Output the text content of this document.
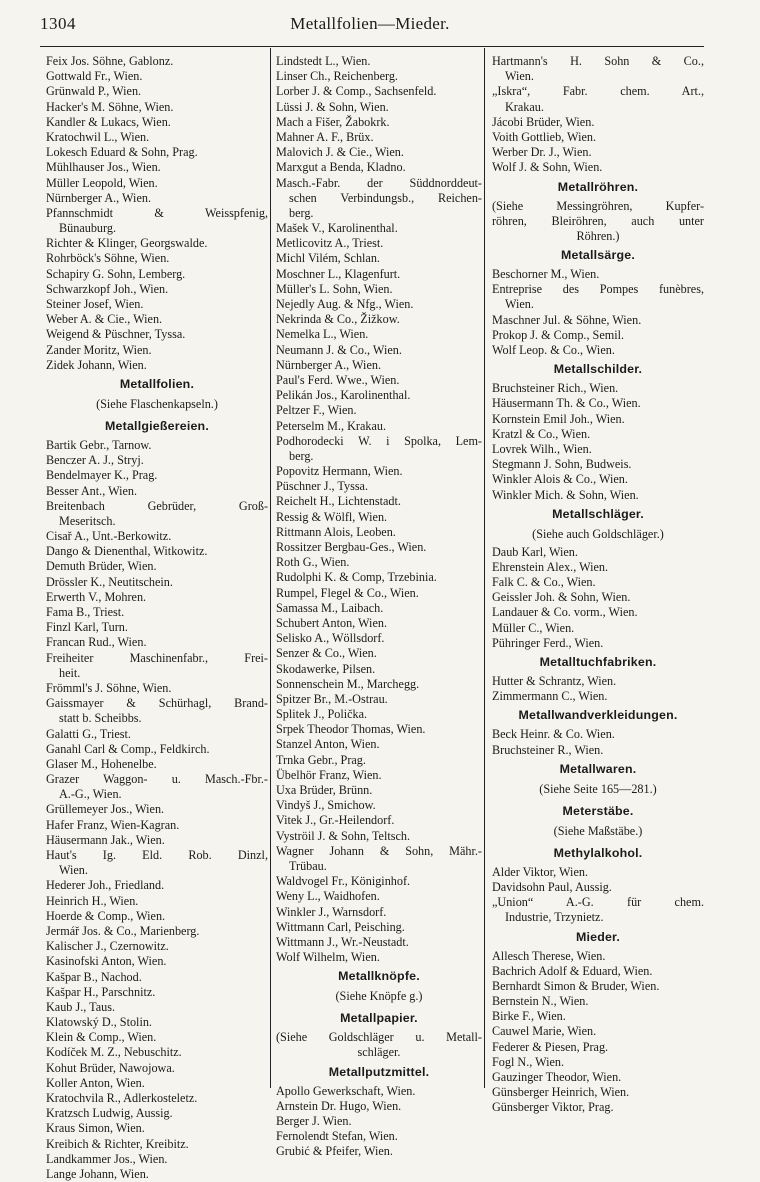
1304	Metallfolien—Mieder.
Feix Jos. Söhne, Gablonz.
Gottwald Fr., Wien.
Grünwald P., Wien.
Hacker's M. Söhne, Wien.
Kandler & Lukacs, Wien.
Kratochwil L., Wien.
Lokesch Eduard & Sohn, Prag.
Mühlhauser Jos., Wien.
Müller Leopold, Wien.
Nürnberger A., Wien.
Pfannschmidt & Weisspfenig,
Bünauburg.
Richter & Klinger, Georgswalde.
Rohrböck's Söhne, Wien.
Schapiry G. Sohn, Lemberg.
Schwarzkopf Joh., Wien.
Steiner Josef, Wien.
Weber A. & Cie., Wien.
Weigend & Püschner, Tyssa.
Zander Moritz, Wien.
Zidek Johann, Wien.
Metallfolien.
(Siehe Flaschenkapseln.)
Metallgießereien.
Bartik Gebr., Tarnow.
Benczer A. J., Stryj.
Bendelmayer K., Prag.
Besser Ant., Wien.
Breitenbach Gebrüder, Groß-
Meseritsch.
Cisař A., Unt.-Berkowitz.
Dango & Dienenthal, Witkowitz.
Demuth Brüder, Wien.
Drössler K., Neutitschein.
Erwerth V., Mohren.
Fama B., Triest.
Finzl Karl, Turn.
Francan Rud., Wien.
Freiheiter Maschinenfabr., Frei-
heit.
Frömml's J. Söhne, Wien.
Gaissmayer & Schürhagl, Brand-
statt b. Scheibbs.
Galatti G., Triest.
Ganahl Carl & Comp., Feldkirch.
Glaser M., Hohenelbe.
Grazer Waggon- u. Masch.-Fbr.-
A.-G., Wien.
Grüllemeyer Jos., Wien.
Hafer Franz, Wien-Kagran.
Häusermann Jak., Wien.
Haut's Ig. Eld. Rob. Dinzl,
Wien.
Hederer Joh., Friedland.
Heinrich H., Wien.
Hoerde & Comp., Wien.
Jermář Jos. & Co., Marienberg.
Kalischer J., Czernowitz.
Kasinofski Anton, Wien.
Kašpar B., Nachod.
Kašpar H., Parschnitz.
Kaub J., Taus.
Klatowský D., Stolin.
Klein & Comp., Wien.
Kodíček M. Z., Nebuschitz.
Kohut Brüder, Nawojowa.
Koller Anton, Wien.
Kratochvila R., Adlerkosteletz.
Kratzsch Ludwig, Aussig.
Kraus Simon, Wien.
Kreibich & Richter, Kreibitz.
Landkammer Jos., Wien.
Lange Johann, Wien.
Lindstedt L., Wien.
Linser Ch., Reichenberg.
Lorber J. & Comp., Sachsenfeld.
Lüssi J. & Sohn, Wien.
Mach a Fišer, Žabokrk.
Mahner A. F., Brüx.
Malovich J. & Cie., Wien.
Marxgut a Benda, Kladno.
Masch.-Fabr. der Süddnorddeut-
schen Verbindungsb., Reichen-
berg.
Mašek V., Karolinenthal.
Metlicovitz A., Triest.
Michl Vilém, Schlan.
Moschner L., Klagenfurt.
Müller's L. Sohn, Wien.
Nejedly Aug. & Nfg., Wien.
Nekrinda & Co., Žižkow.
Nemelka L., Wien.
Neumann J. & Co., Wien.
Nürnberger A., Wien.
Paul's Ferd. Wwe., Wien.
Pelikán Jos., Karolinenthal.
Peltzer F., Wien.
Peterselm M., Krakau.
Podhorodecki W. i Spolka, Lem-
berg.
Popovitz Hermann, Wien.
Püschner J., Tyssa.
Reichelt H., Lichtenstadt.
Ressig & Wölfl, Wien.
Rittmann Alois, Leoben.
Rossitzer Bergbau-Ges., Wien.
Roth G., Wien.
Rudolphi K. & Comp, Trzebinia.
Rumpel, Flegel & Co., Wien.
Samassa M., Laibach.
Schubert Anton, Wien.
Selisko A., Wöllsdorf.
Senzer & Co., Wien.
Skodawerke, Pilsen.
Sonnenschein M., Marchegg.
Spitzer Br., M.-Ostrau.
Splitek J., Polička.
Srpek Theodor Thomas, Wien.
Stanzel Anton, Wien.
Trnka Gebr., Prag.
Übelhör Franz, Wien.
Uxa Brüder, Brünn.
Vindyš J., Smichow.
Vitek J., Gr.-Heilendorf.
Vyströil J. & Sohn, Teltsch.
Wagner Johann & Sohn, Mähr.-
Trübau.
Waldvogel Fr., Königinhof.
Weny L., Waidhofen.
Winkler J., Warnsdorf.
Wittmann Carl, Peisching.
Wittmann J., Wr.-Neustadt.
Wolf Wilhelm, Wien.
Metallknöpfe.
(Siehe Knöpfe g.)
Metallpapier.
(Siehe Goldschläger u. Metall-
schläger.
Metallputzmittel.
Apollo Gewerkschaft, Wien.
Arnstein Dr. Hugo, Wien.
Berger J. Wien.
Fernolendt Stefan, Wien.
Grubić & Pfeifer, Wien.
Hartmann's H. Sohn & Co.,
Wien.
„Iskra“, Fabr. chem. Art.,
Krakau.
Jácobi Brüder, Wien.
Voith Gottlieb, Wien.
Werber Dr. J., Wien.
Wolf J. & Sohn, Wien.
Metallröhren.
(Siehe Messingröhren, Kupfer-
röhren, Bleiröhren, auch unter
Röhren.)
Metallsärge.
Beschorner M., Wien.
Entreprise des Pompes funèbres,
Wien.
Maschner Jul. & Söhne, Wien.
Prokop J. & Comp., Semil.
Wolf Leop. & Co., Wien.
Metallschilder.
Bruchsteiner Rich., Wien.
Häusermann Th. & Co., Wien.
Kornstein Emil Joh., Wien.
Kratzl & Co., Wien.
Lovrek Wilh., Wien.
Stegmann J. Sohn, Budweis.
Winkler Alois & Co., Wien.
Winkler Mich. & Sohn, Wien.
Metallschläger.
(Siehe auch Goldschläger.)
Daub Karl, Wien.
Ehrenstein Alex., Wien.
Falk C. & Co., Wien.
Geissler Joh. & Sohn, Wien.
Landauer & Co. vorm., Wien.
Müller C., Wien.
Pühringer Ferd., Wien.
Metalltuchfabriken.
Hutter & Schrantz, Wien.
Zimmermann C., Wien.
Metallwandverkleidungen.
Beck Heinr. & Co. Wien.
Bruchsteiner R., Wien.
Metallwaren.
(Siehe Seite 165—281.)
Meterstäbe.
(Siehe Maßstäbe.)
Methylalkohol.
Alder Viktor, Wien.
Davidsohn Paul, Aussig.
„Union“ A.-G. für chem.
Industrie, Trzynietz.
Mieder.
Allesch Therese, Wien.
Bachrich Adolf & Eduard, Wien.
Bernhardt Simon & Bruder, Wien.
Bernstein N., Wien.
Birke F., Wien.
Cauwel Marie, Wien.
Federer & Piesen, Prag.
Fogl N., Wien.
Gauzinger Theodor, Wien.
Günsberger Heinrich, Wien.
Günsberger Viktor, Prag.
